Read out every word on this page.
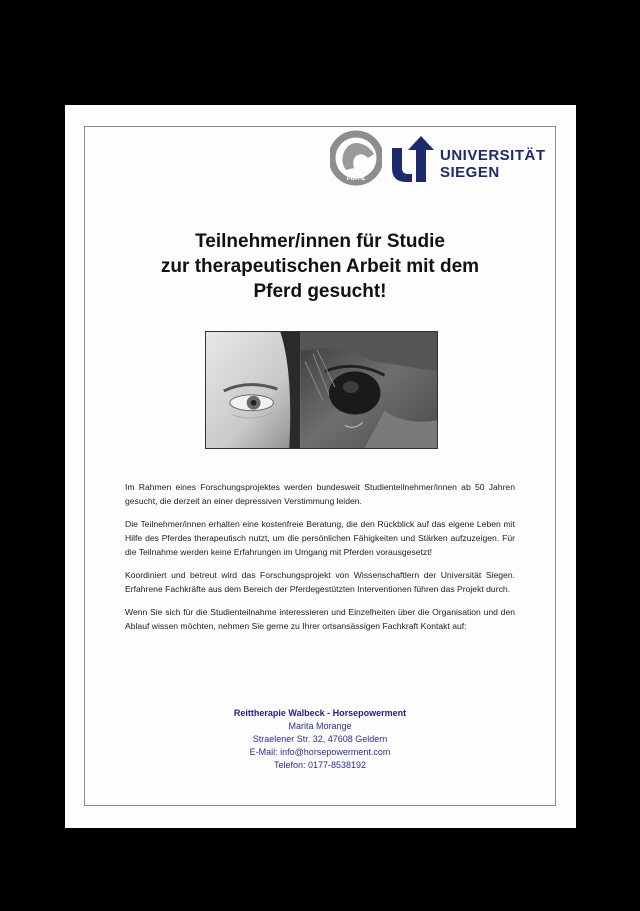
PDA-E
UNIVERSITÄT
SIEGEN
Teilnehmer/innen für Studie
zur therapeutischen Arbeit mit dem
Pferd gesucht!

Im Rahmen eines Forschungsprojektes werden bundesweit Studienteilnehmer/innen ab 50 Jahren gesucht, die derzeit an einer depressiven Verstimmung leiden.

Die Teilnehmer/innen erhalten eine kostenfreie Beratung, die den Rückblick auf das eigene Leben mit Hilfe des Pferdes therapeutisch nutzt, um die persönlichen Fähigkeiten und Stärken aufzuzeigen. Für die Teilnahme werden keine Erfahrungen im Umgang mit Pferden vorausgesetzt!

Koordiniert und betreut wird das Forschungsprojekt von Wissenschaftlern der Universität Siegen. Erfahrene Fachkräfte aus dem Bereich der Pferdegestützten Interventionen führen das Projekt durch.

Wenn Sie sich für die Studienteilnahme interessieren und Einzelheiten über die Organisation und den Ablauf wissen möchten, nehmen Sie gerne zu Ihrer ortsansässigen Fachkraft Kontakt auf:

Reittherapie Walbeck - Horsepowerment
Marita Morange
Straelener Str. 32, 47608 Geldern
E-Mail: info@horsepowerment.com
Telefon: 0177-8538192
